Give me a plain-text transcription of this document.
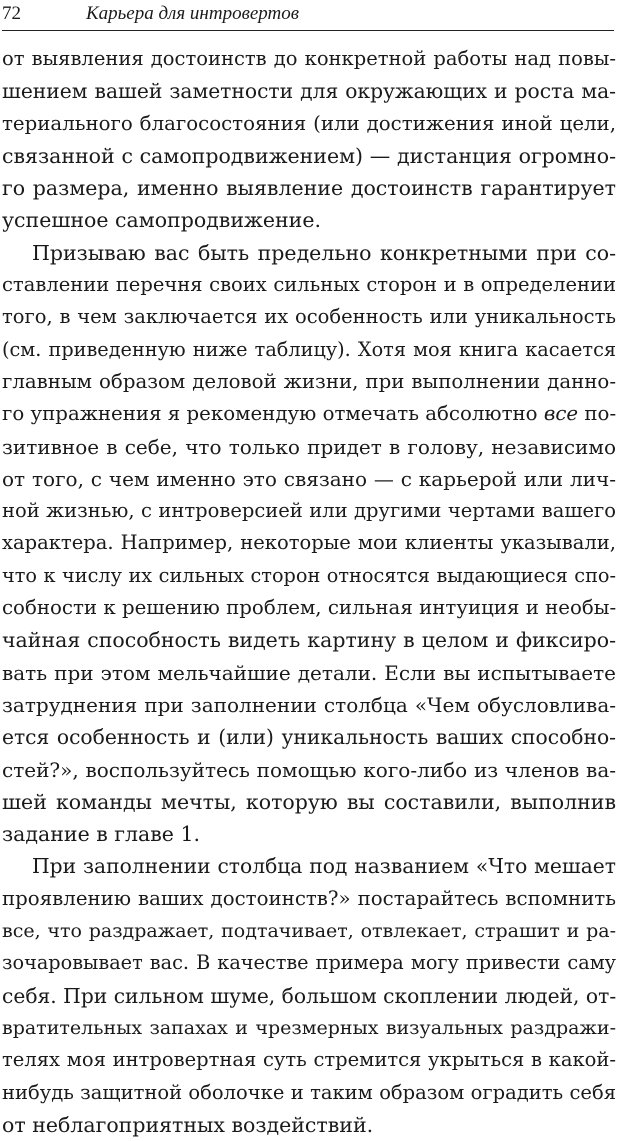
72	Карьера для интровертов
от выявления достоинств до конкретной работы над повы-
шением вашей заметности для окружающих и роста ма-
териального благосостояния (или достижения иной цели,
связанной с самопродвижением) — дистанция огромно-
го размера, именно выявление достоинств гарантирует
успешное самопродвижение.
Призываю вас быть предельно конкретными при со-
ставлении перечня своих сильных сторон и в определении
того, в чем заключается их особенность или уникальность
(см. приведенную ниже таблицу). Хотя моя книга касается
главным образом деловой жизни, при выполнении данно-
го упражнения я рекомендую отмечать абсолютно все по-
зитивное в себе, что только придет в голову, независимо
от того, с чем именно это связано — с карьерой или лич-
ной жизнью, с интроверсией или другими чертами вашего
характера. Например, некоторые мои клиенты указывали,
что к числу их сильных сторон относятся выдающиеся спо-
собности к решению проблем, сильная интуиция и необы-
чайная способность видеть картину в целом и фиксиро-
вать при этом мельчайшие детали. Если вы испытываете
затруднения при заполнении столбца «Чем обусловлива-
ется особенность и (или) уникальность ваших способно-
стей?», воспользуйтесь помощью кого-либо из членов ва-
шей команды мечты, которую вы составили, выполнив
задание в главе 1.
При заполнении столбца под названием «Что мешает
проявлению ваших достоинств?» постарайтесь вспомнить
все, что раздражает, подтачивает, отвлекает, страшит и ра-
зочаровывает вас. В качестве примера могу привести саму
себя. При сильном шуме, большом скоплении людей, от-
вратительных запахах и чрезмерных визуальных раздражи-
телях моя интровертная суть стремится укрыться в какой-
нибудь защитной оболочке и таким образом оградить себя
от неблагоприятных воздействий.
